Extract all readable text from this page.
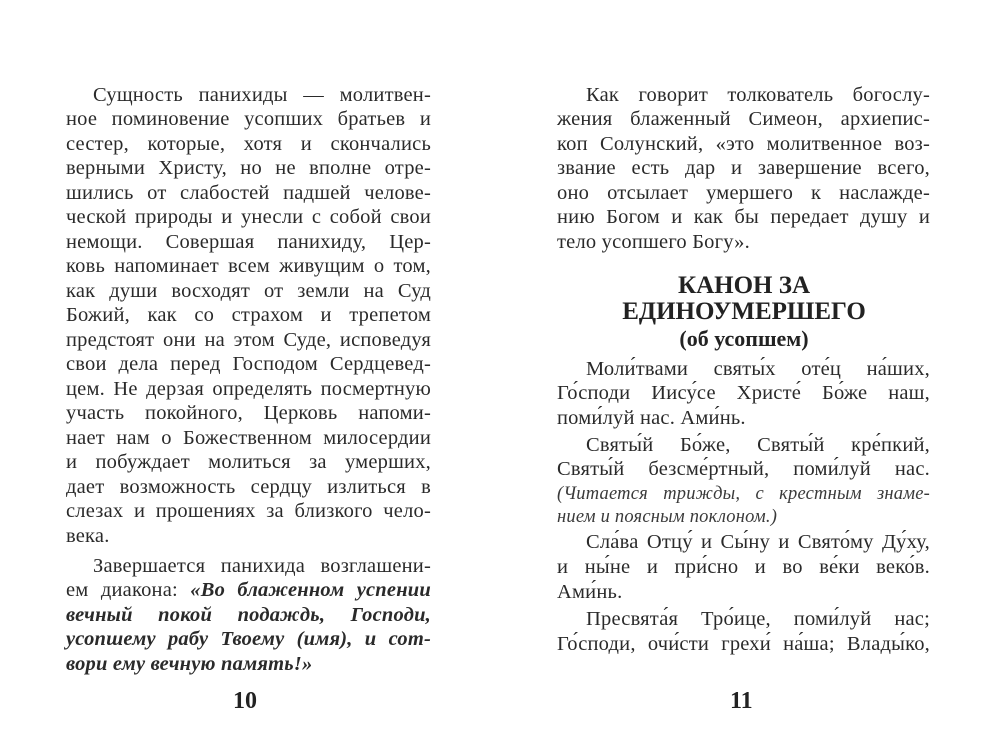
Сущность панихиды — молитвен-
ное поминовение усопших братьев и
сестер, которые, хотя и скончались
верными Христу, но не вполне отре-
шились от слабостей падшей челове-
ческой природы и унесли с собой свои
немощи. Совершая панихиду, Цер-
ковь напоминает всем живущим о том,
как души восходят от земли на Суд
Божий, как со страхом и трепетом
предстоят они на этом Суде, исповедуя
свои дела перед Господом Сердцевед-
цем. Не дерзая определять посмертную
участь покойного, Церковь напоми-
нает нам о Божественном милосердии
и побуждает молиться за умерших,
дает возможность сердцу излиться в
слезах и прошениях за близкого чело-
века.
Завершается панихида возглашени-
ем диакона: «Во блаженном успении
вечный покой подаждь, Господи,
усопшему рабу Твоему (имя), и сот-
вори ему вечную память!»
10
Как говорит толкователь богослу-
жения блаженный Симеон, архиепис-
коп Солунский, «это молитвенное воз-
звание есть дар и завершение всего,
оно отсылает умершего к наслажде-
нию Богом и как бы передает душу и
тело усопшего Богу».
КАНОН ЗА
ЕДИНОУМЕРШЕГО
(об усопшем)
Моли́твами святы́х оте́ц на́ших,
Го́споди Иису́се Христе́ Бо́же наш,
поми́луй нас. Ами́нь.
Святы́й Бо́же, Святы́й кре́пкий,
Святы́й безсме́ртный, поми́луй нас.
(Читается трижды, с крестным знаме-
нием и поясным поклоном.)
Сла́ва Отцу́ и Сы́ну и Свято́му Ду́ху,
и ны́не и при́сно и во ве́ки веко́в.
Ами́нь.
Пресвята́я Тро́ице, поми́луй нас;
Го́споди, очи́сти грехи́ на́ша; Влады́ко,
11
